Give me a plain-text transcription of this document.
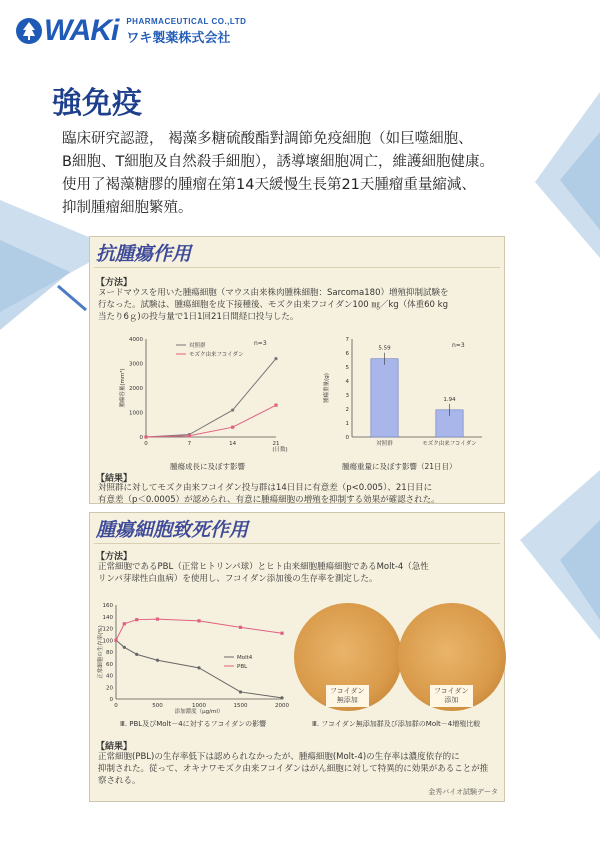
WAKi PHARMACEUTICAL CO.,LTD
ワキ製薬株式会社
強免疫

臨床研究認證， 褐藻多糖硫酸酯對調節免疫細胞（如巨噬細胞、
B細胞、T細胞及自然殺手細胞），誘導壞細胞凋亡，維護細胞健康。
使用了褐藻糖膠的腫瘤在第14天緩慢生長第21天腫瘤重量縮減、
抑制腫瘤細胞繁殖。

抗腫瘍作用
【方法】
ヌードマウスを用いた腫瘍細胞（マウス由来株肉腫株細胞：Sarcoma180）増殖抑制試験を
行なった。試験は、腫瘍細胞を皮下接種後、モズク由来フコイダン100 ㎎／kg（体重60 kg
当たり6ｇ)の投与量で1日1回21日間経口投与した。
0
1000
2000
3000
4000
0	7	14	21
対照群
モズク由来フコイダン
腫瘍容量(mm³)
(日数)
n=3
0
1
2
3
4
5
6
7
5.59
対照群
1.94
モズク由来フコイダン
腫瘍重量(g)
n=3
腫瘍成長に及ぼす影響	腫瘍重量に及ぼす影響（21日目）
【結果】
対照群に対してモズク由来フコイダン投与群は14日目に有意差（p<0.005）、21日目に
有意差（p＜0.0005）が認められ、有意に腫瘍細胞の増殖を抑制する効果が確認された。
腫瘍細胞致死作用
【方法】
正常細胞であるPBL（正常ヒトリンパ球）とヒト由来細胞腫瘍細胞であるMolt-4（急性
リンパ芽球性白血病）を使用し、フコイダン添加後の生存率を測定した。
0
20
40
60
80
100
120
140
160
0	500	1000	1500	2000
Molt4
PBL
正常細胞の生存率(%)
添加濃度（μg/ml）
Ⅲ. PBL及びMolt－4に対するフコイダンの影響
フコイダン
無添加
フコイダン
添加
Ⅲ. フコイダン無添加群及び添加群のMolt－4増殖比較
【結果】
正常細胞(PBL)の生存率低下は認められなかったが、腫瘍細胞(Molt-4)の生存率は濃度依存的に
抑制された。従って、オキナワモズク由来フコイダンはがん細胞に対して特異的に効果があることが推
察される。
金秀バイオ試験データ
